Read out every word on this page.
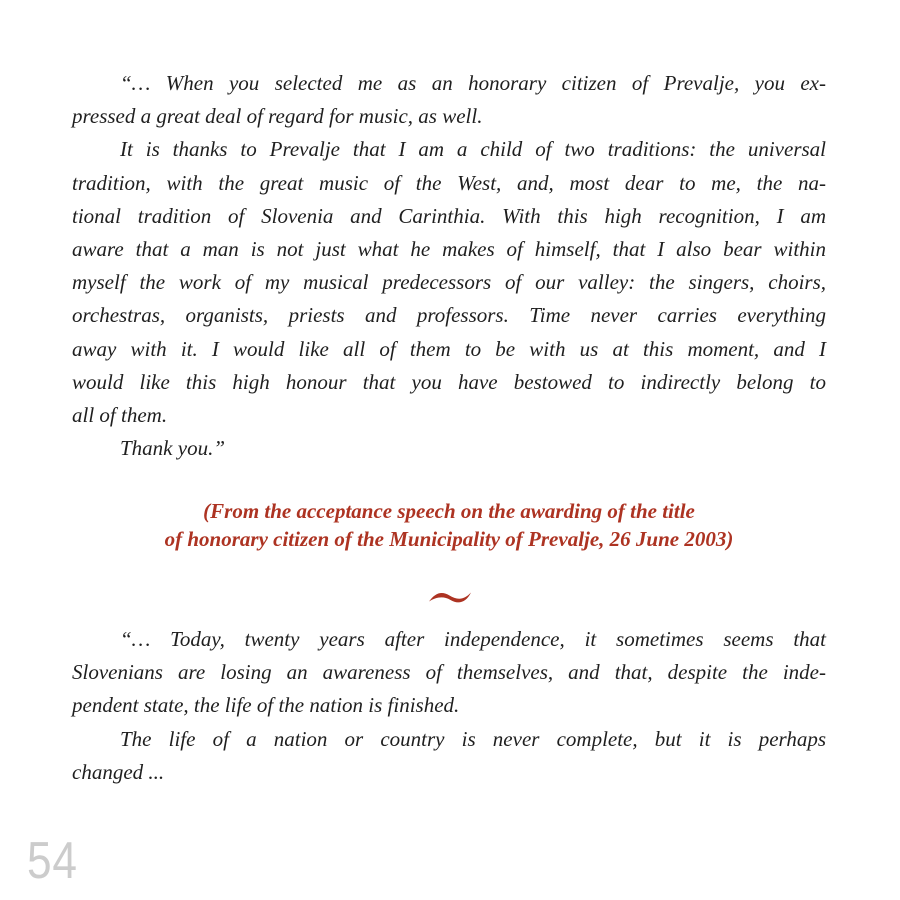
“… When you selected me as an honorary citizen of Prevalje, you ex-
pressed a great deal of regard for music, as well.
It is thanks to Prevalje that I am a child of two traditions: the universal
tradition, with the great music of the West, and, most dear to me, the na-
tional tradition of Slovenia and Carinthia. With this high recognition, I am
aware that a man is not just what he makes of himself, that I also bear within
myself the work of my musical predecessors of our valley: the singers, choirs,
orchestras, organists, priests and professors. Time never carries everything
away with it. I would like all of them to be with us at this moment, and I
would like this high honour that you have bestowed to indirectly belong to
all of them.
Thank you.”
(From the acceptance speech on the awarding of the title
of honorary citizen of the Municipality of Prevalje, 26 June 2003)
“… Today, twenty years after independence, it sometimes seems that
Slovenians are losing an awareness of themselves, and that, despite the inde-
pendent state, the life of the nation is finished.
The life of a nation or country is never complete, but it is perhaps
changed ...
54
